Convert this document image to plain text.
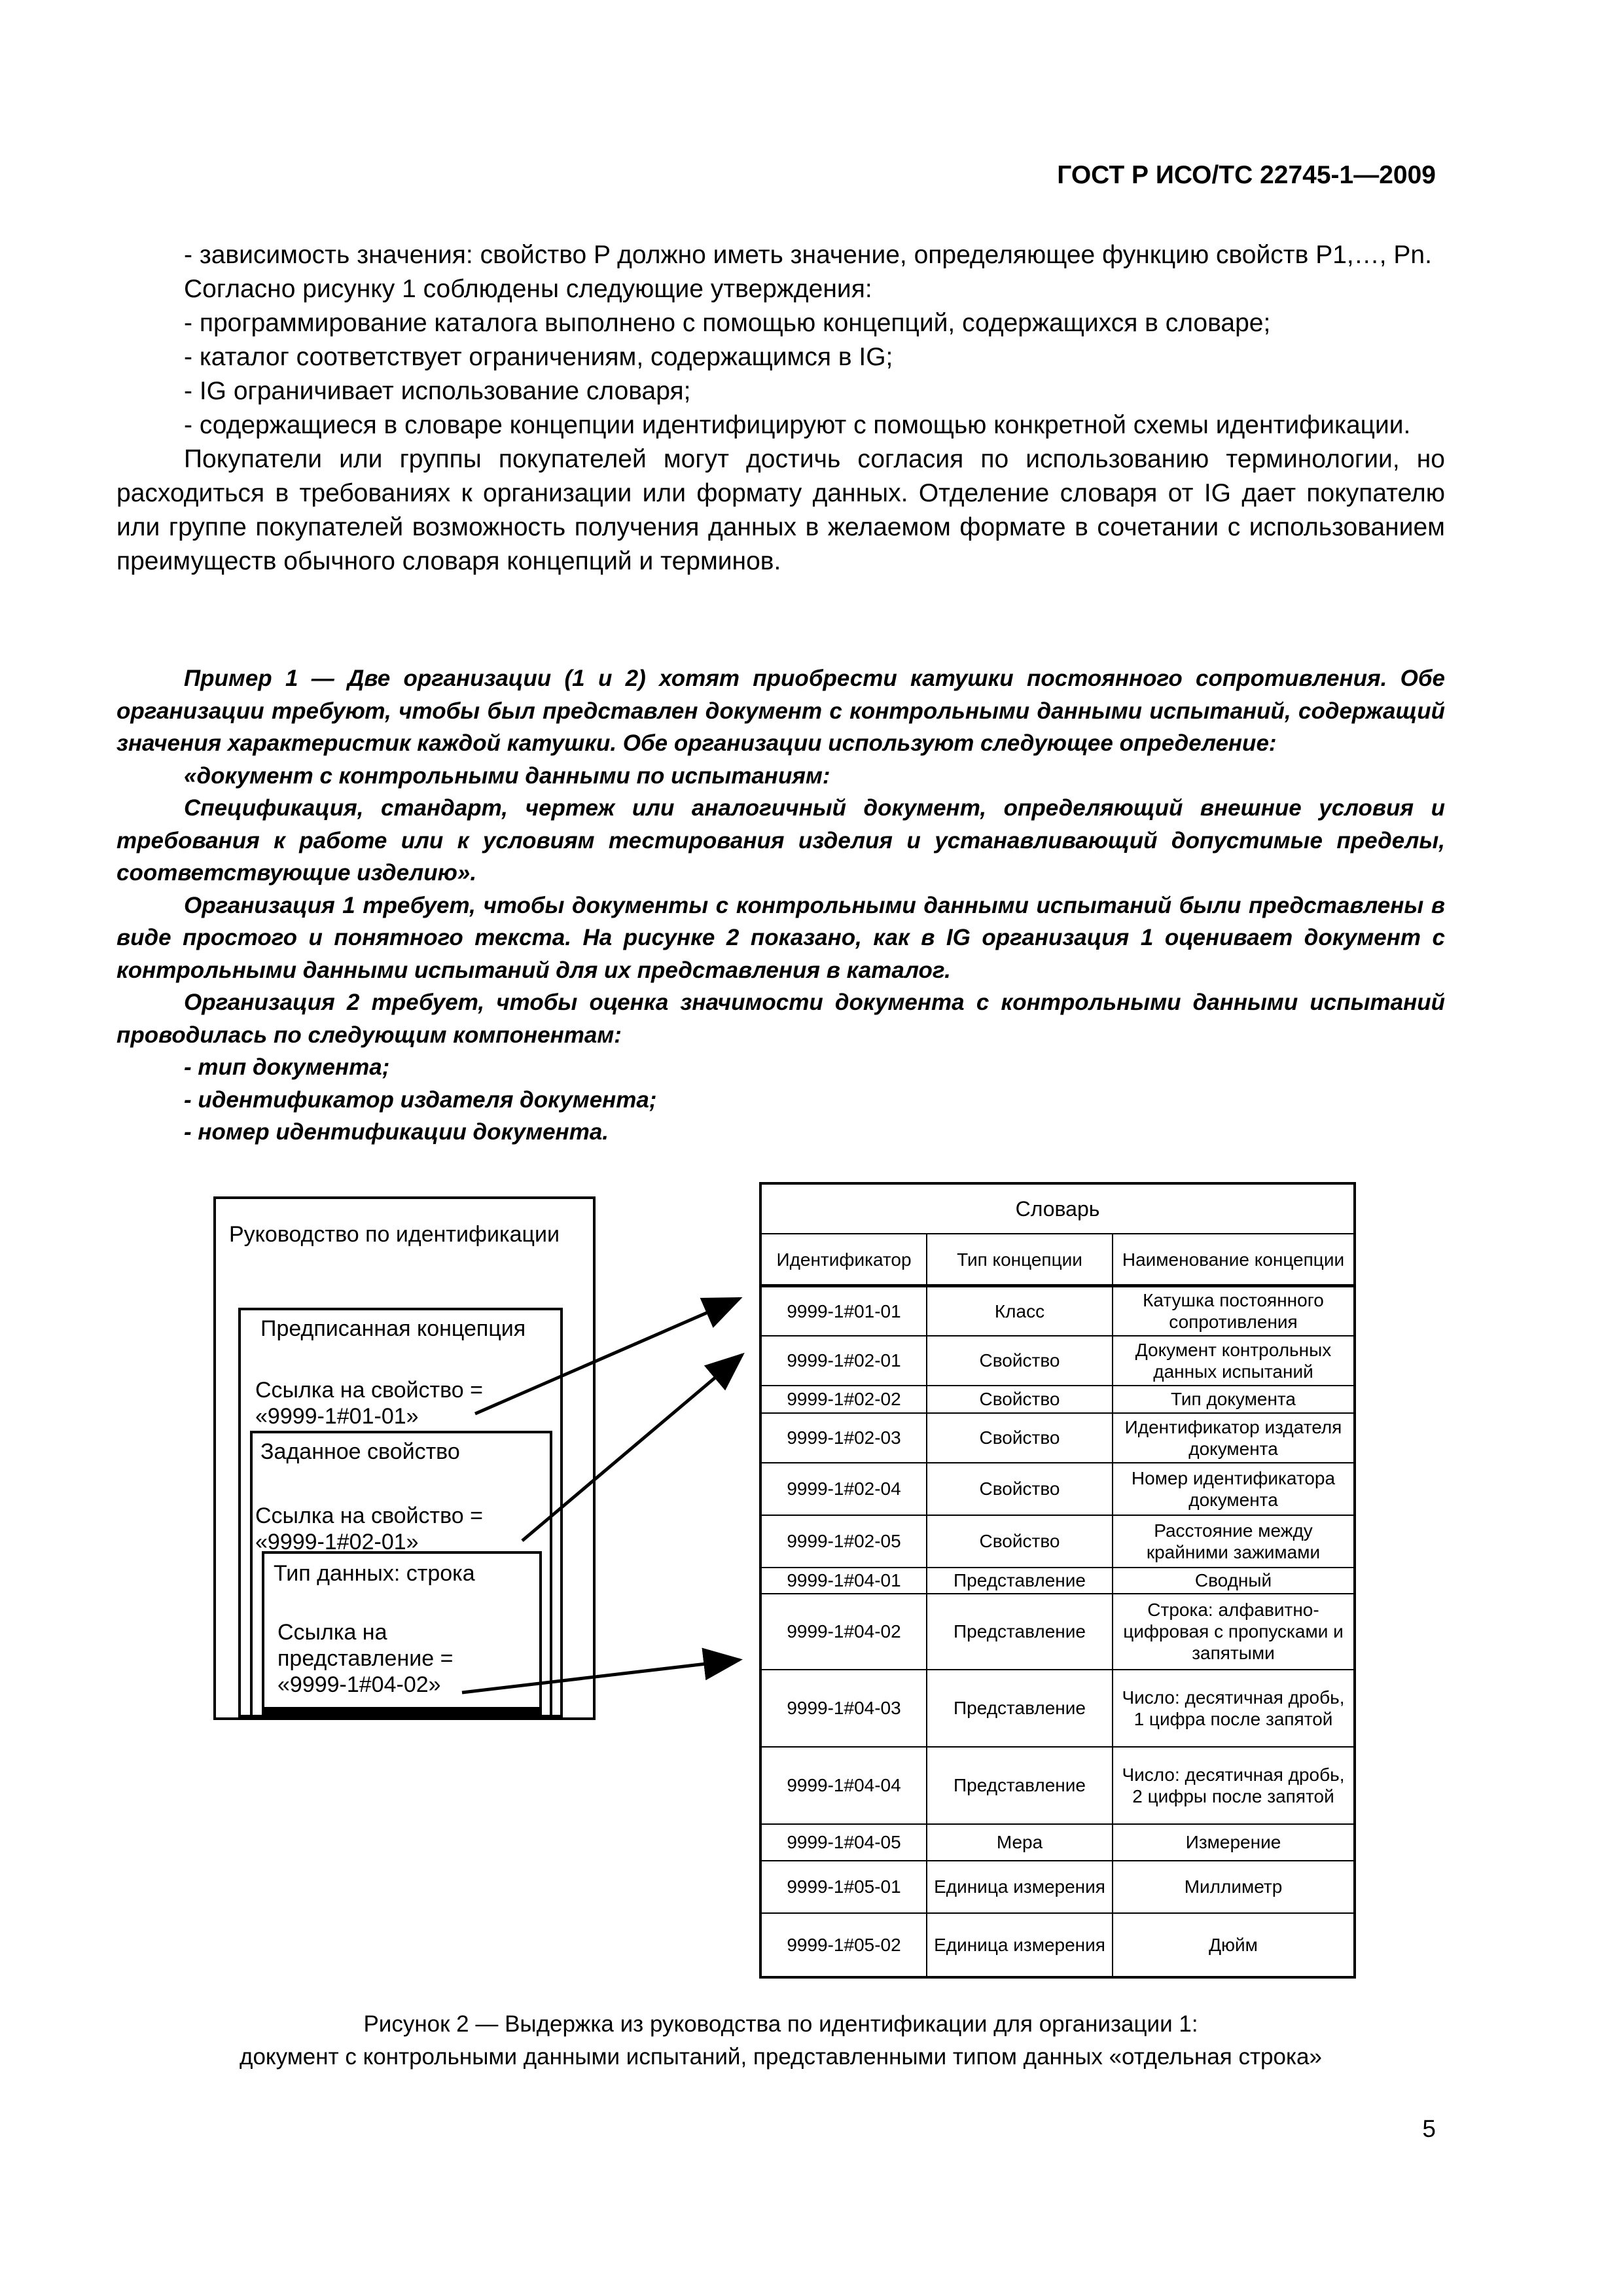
ГОСТ Р ИСО/ТС 22745-1—2009

- зависимость значения: свойство P должно иметь значение, определяющее функцию свойств P1,…, Pn.

Согласно рисунку 1 соблюдены следующие утверждения:

- программирование каталога выполнено с помощью концепций, содержащихся в словаре;

- каталог соответствует ограничениям, содержащимся в IG;

- IG ограничивает использование словаря;

- содержащиеся в словаре концепции идентифицируют с помощью конкретной схемы идентификации.

Покупатели или группы покупателей могут достичь согласия по использованию терминологии, но расходиться в требованиях к организации или формату данных. Отделение словаря от IG дает покупателю или группе покупателей возможность получения данных в желаемом формате в сочетании с использованием преимуществ обычного словаря концепций и терминов.

Пример 1 — Две организации (1 и 2) хотят приобрести катушки постоянного сопротивления. Обе организации требуют, чтобы был представлен документ с контрольными данными испытаний, содержащий значения характеристик каждой катушки. Обе организации используют следующее определение:

«документ с контрольными данными по испытаниям:

Спецификация, стандарт, чертеж или аналогичный документ, определяющий внешние условия и требования к работе или к условиям тестирования изделия и устанавливающий допустимые пределы, соответствующие изделию».

Организация 1 требует, чтобы документы с контрольными данными испытаний были представлены в виде простого и понятного текста. На рисунке 2 показано, как в IG организация 1 оценивает документ с контрольными данными испытаний для их представления в каталог.

Организация 2 требует, чтобы оценка значимости документа с контрольными данными испытаний проводилась по следующим компонентам:

- тип документа;

- идентификатор издателя документа;

- номер идентификации документа.

Руководство по идентификации
Предписанная концепция
Ссылка на свойство =
«9999-1#01-01»
Заданное свойство
Ссылка на свойство =
«9999-1#02-01»
Тип данных: строка
Ссылка на
представление =
«9999-1#04-02»
Словарь		
Идентификатор	Тип концепции	Наименование концепции
9999-1#01-01	Класс	Катушка постоянного сопротивления
9999-1#02-01	Свойство	Документ контрольных данных испытаний
9999-1#02-02	Свойство	Тип документа
9999-1#02-03	Свойство	Идентификатор издателя документа
9999-1#02-04	Свойство	Номер идентификатора документа
9999-1#02-05	Свойство	Расстояние между крайними зажимами
9999-1#04-01	Представление	Сводный
9999-1#04-02	Представление	Строка: алфавитно-цифровая с пропусками и запятыми
9999-1#04-03	Представление	Число: десятичная дробь, 1 цифра после запятой
9999-1#04-04	Представление	Число: десятичная дробь, 2 цифры после запятой
9999-1#04-05	Мера	Измерение
9999-1#05-01	Единица измерения	Миллиметр
9999-1#05-02	Единица измерения	Дюйм
Рисунок 2 — Выдержка из руководства по идентификации для организации 1:
документ с контрольными данными испытаний, представленными типом данных «отдельная строка»
5
